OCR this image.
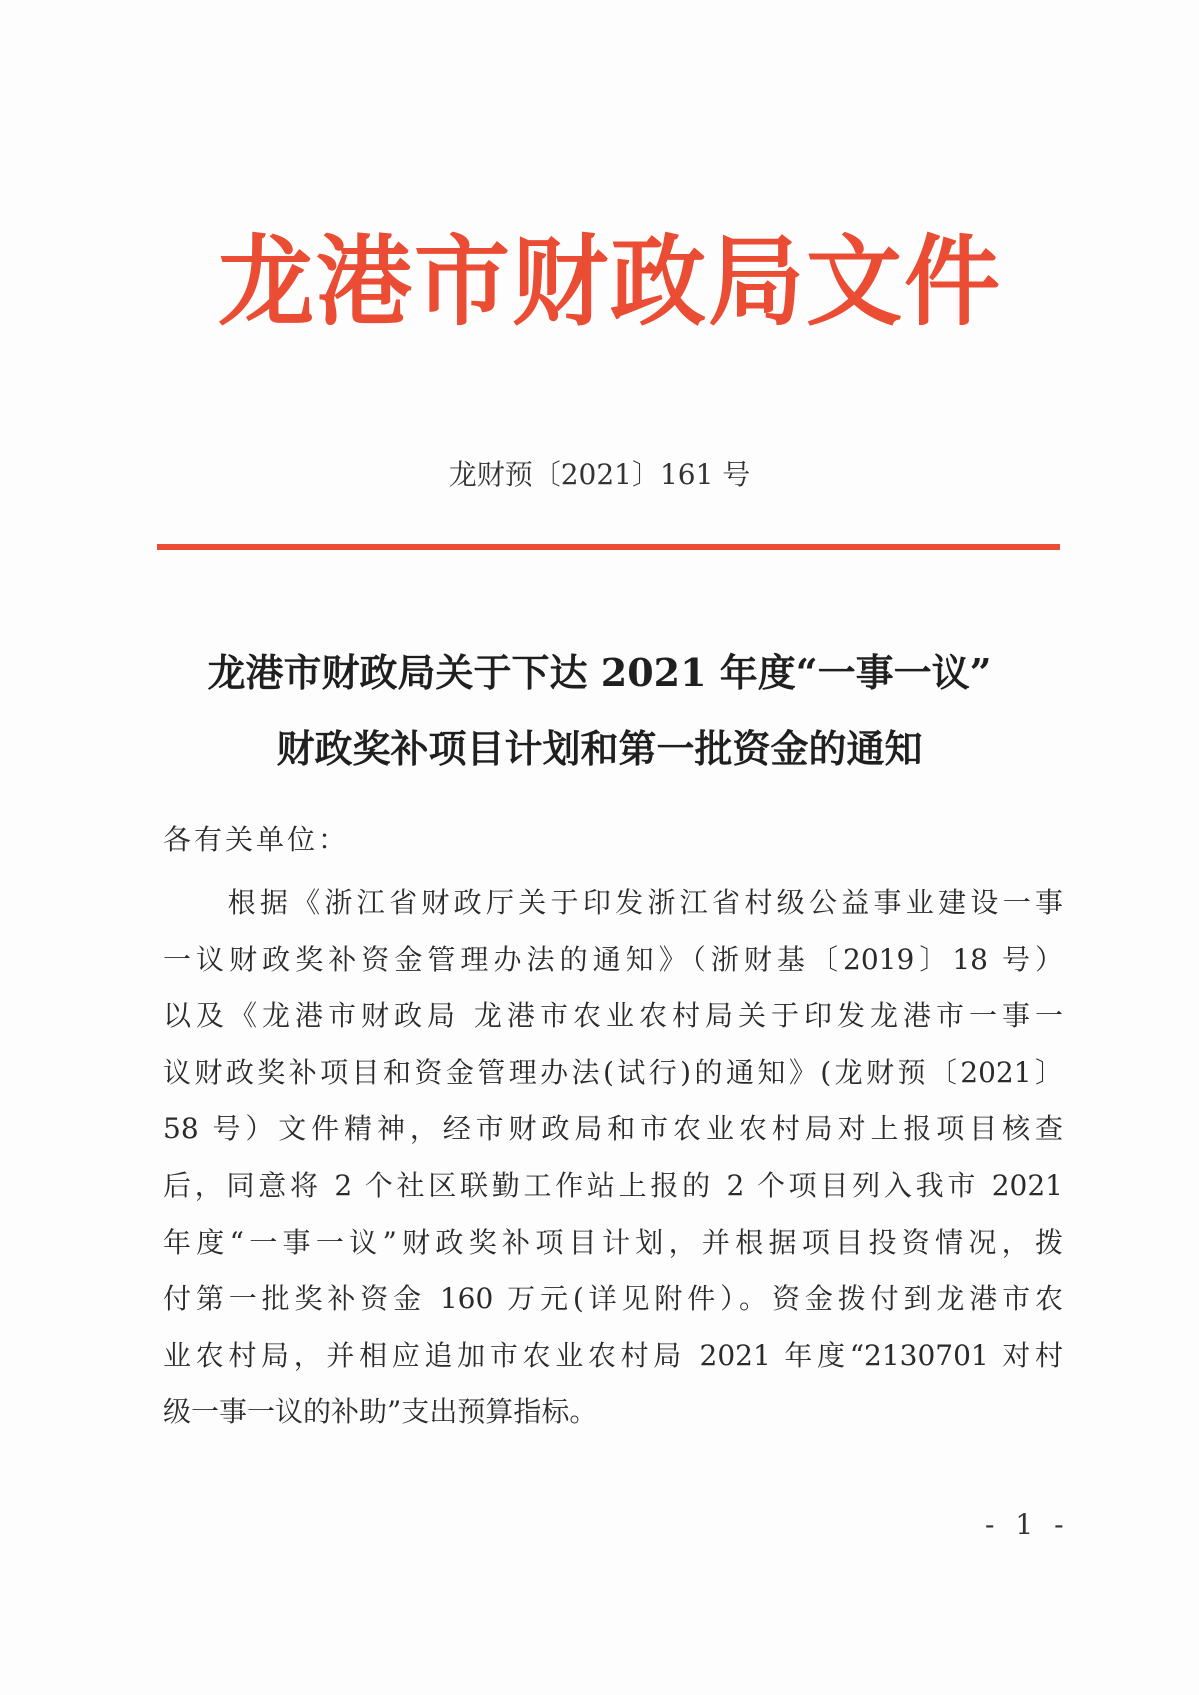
龙港市财政局文件
龙财预〔2021〕161 号
龙港市财政局关于下达 2021 年度“一事一议”
财政奖补项目计划和第一批资金的通知
各有关单位：
　　根据《浙江省财政厅关于印发浙江省村级公益事业建设一事
一议财政奖补资金管理办法的通知》（浙财基〔2019〕18 号）
以及《龙港市财政局 龙港市农业农村局关于印发龙港市一事一
议财政奖补项目和资金管理办法(试行)的通知》(龙财预〔2021〕
58 号）文件精神，经市财政局和市农业农村局对上报项目核查
后，同意将 2 个社区联勤工作站上报的 2 个项目列入我市 2021
年度“一事一议”财政奖补项目计划，并根据项目投资情况，拨
付第一批奖补资金 160 万元(详见附件）。资金拨付到龙港市农
业农村局，并相应追加市农业农村局 2021 年度“2130701 对村
级一事一议的补助”支出预算指标。
- 1 -
